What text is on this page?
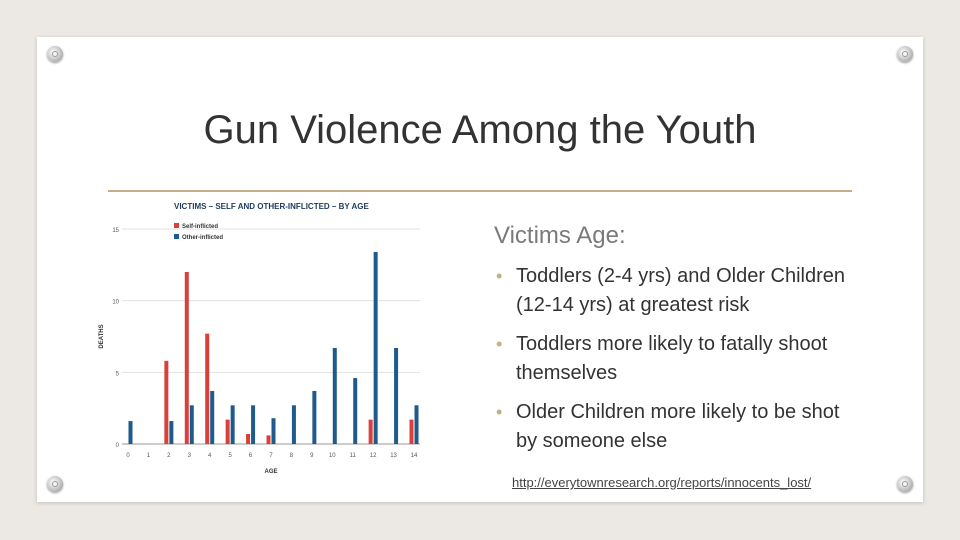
Gun Violence Among the Youth
VICTIMS – SELF AND OTHER-INFLICTED – BY AGE
0
5
10
15
DEATHS
0	1	2	3	4	5	6	7	8	9	10 11 12 13 14
AGE
Self-inflicted
Other-inflicted	Victims Age:
• Toddlers (2-4 yrs) and Older Children (12-14 yrs) at greatest risk
• Toddlers more likely to fatally shoot themselves
• Older Children more likely to be shot by someone else
http://everytownresearch.org/reports/innocents_lost/
